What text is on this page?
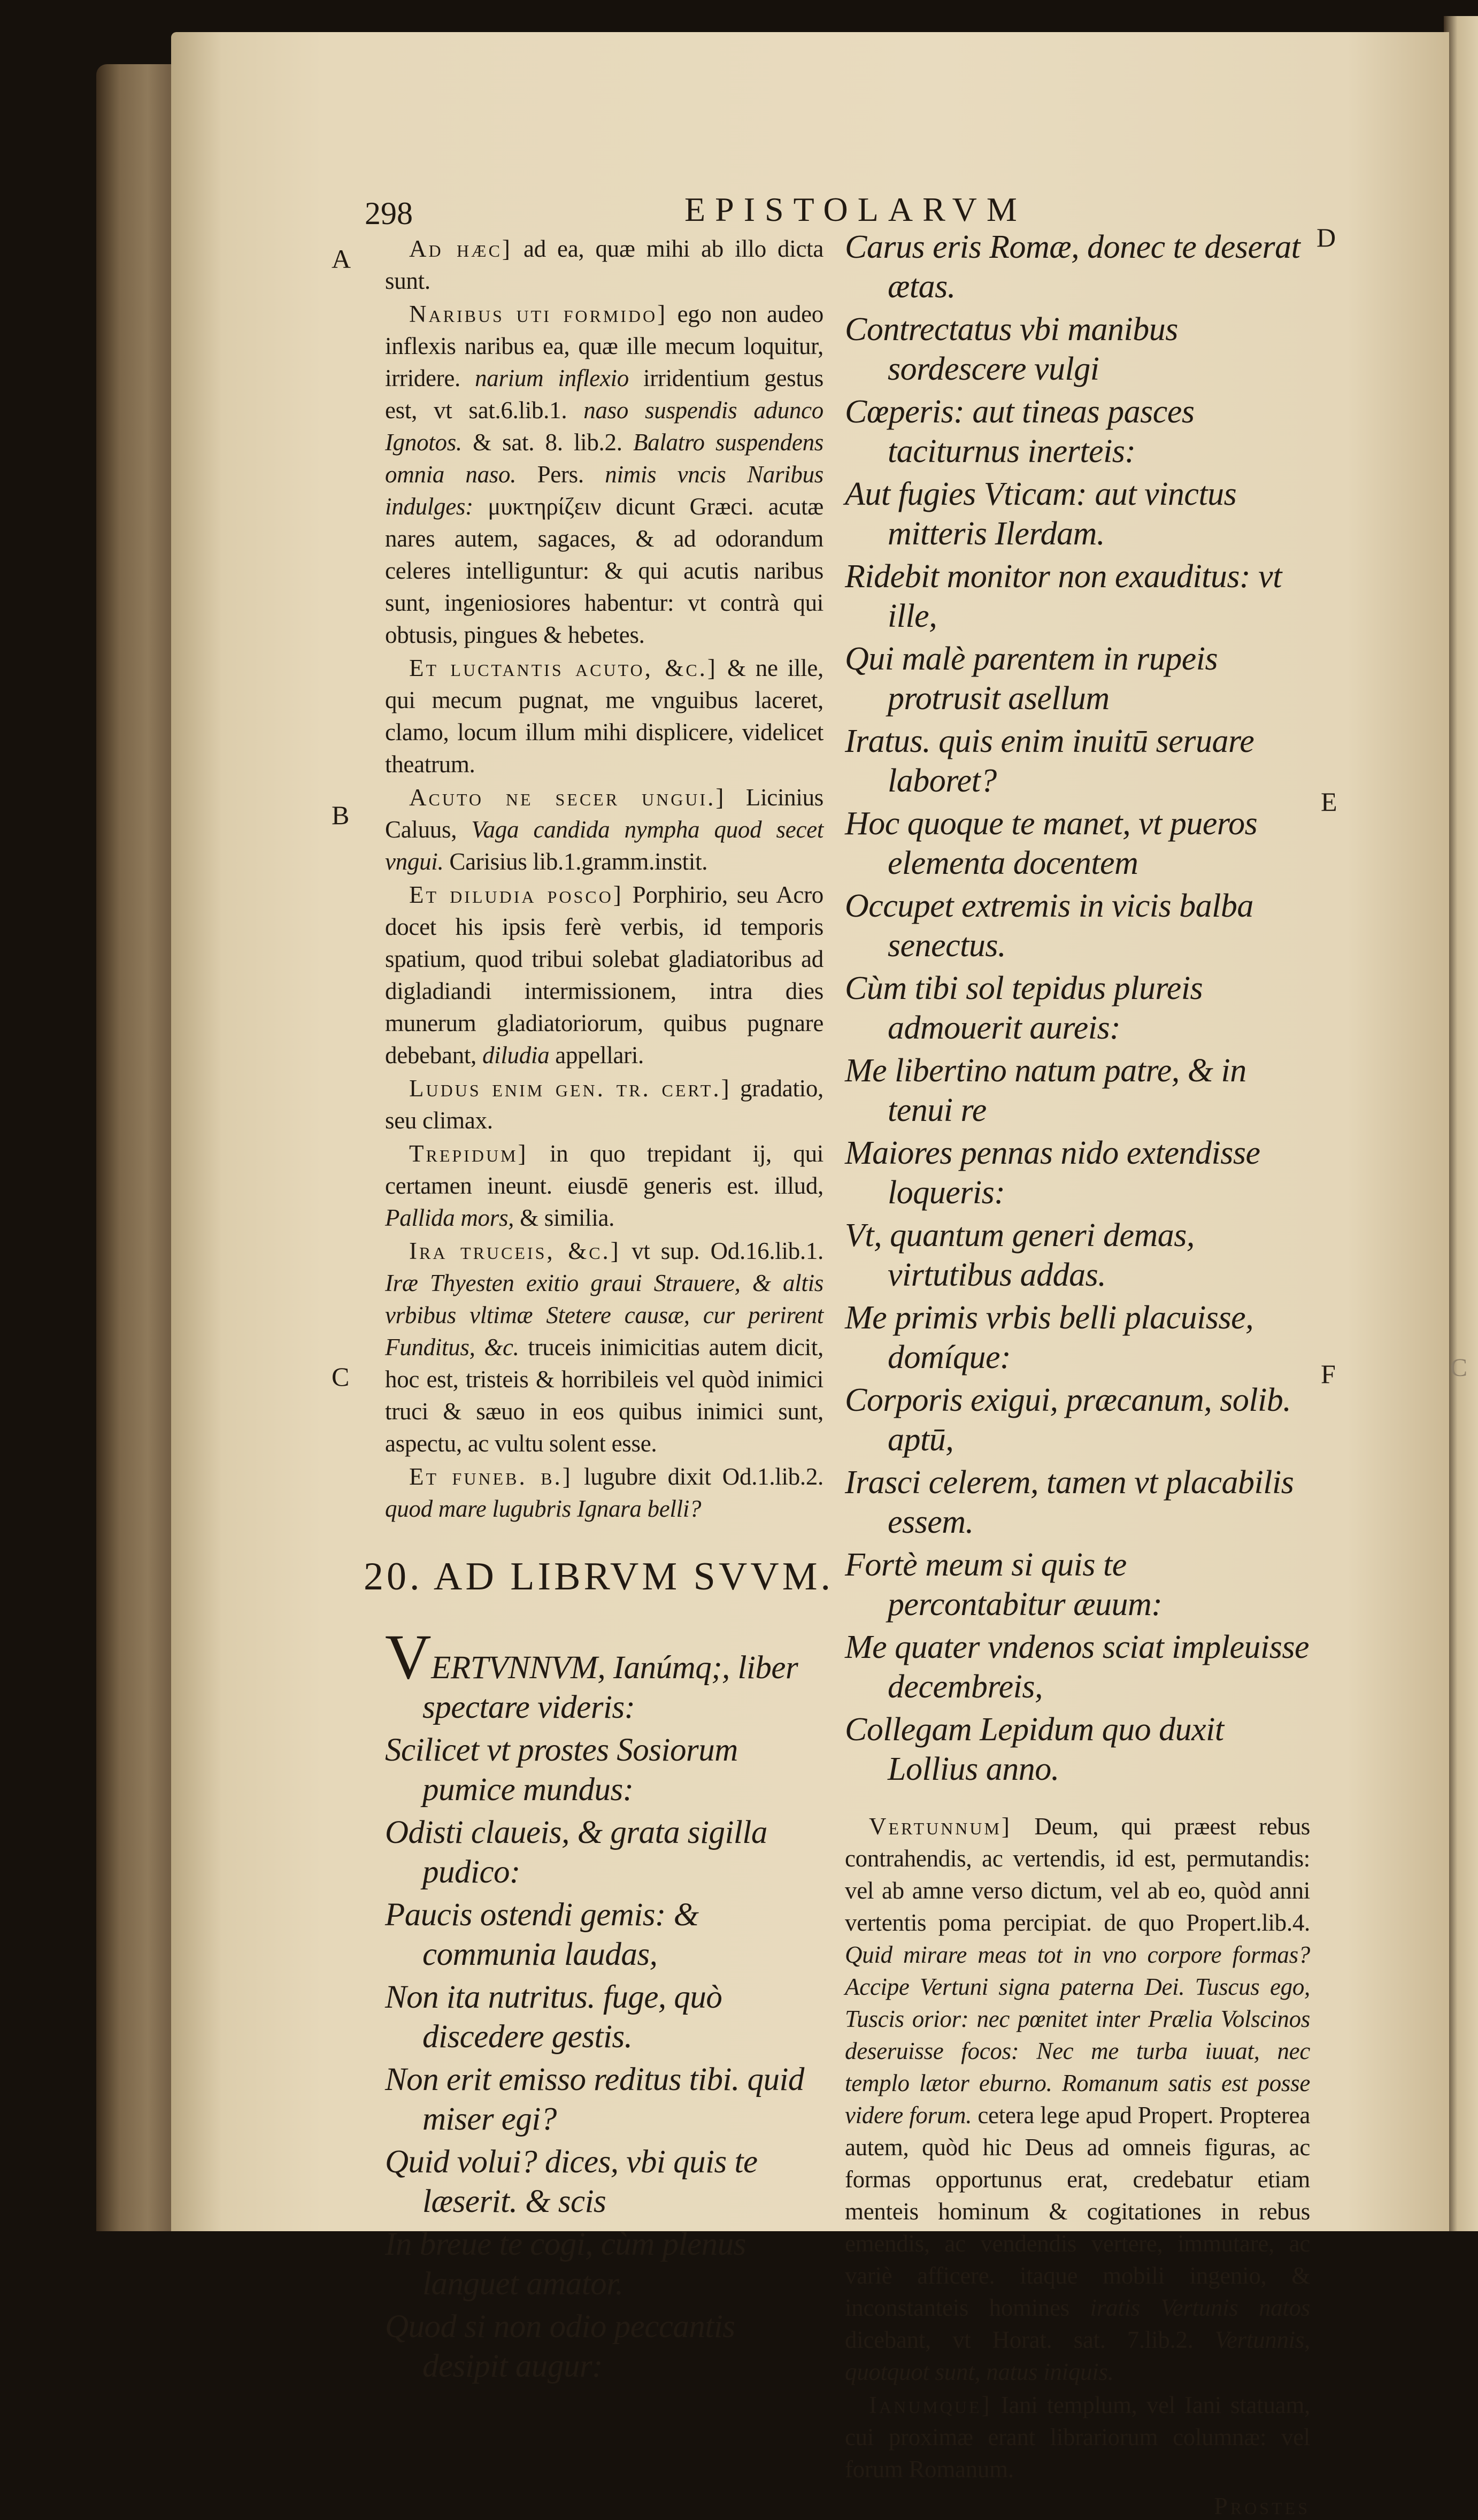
C
298	EPISTOLARVM
A
B
C
D
E
F

Ad hæc] ad ea, quæ mihi ab illo dicta sunt.

Naribus uti formido] ego non audeo inflexis naribus ea, quæ ille mecum loquitur, irridere. narium inflexio irridentium gestus est, vt sat.6.lib.1. naso suspendis adunco Ignotos. & sat. 8. lib.2. Balatro suspendens omnia naso. Pers. nimis vncis Naribus indulges: μυκτηρίζειν dicunt Græci. acutæ nares autem, sagaces, & ad odorandum celeres intelliguntur: & qui acutis naribus sunt, ingeniosiores habentur: vt contrà qui obtusis, pingues & hebetes.

Et luctantis acuto, &c.] & ne ille, qui mecum pugnat, me vnguibus laceret, clamo, locum illum mihi displicere, videlicet theatrum.

Acuto ne secer ungui.] Licinius Caluus, Vaga candida nympha quod secet vngui. Carisius lib.1.gramm.instit.

Et diludia posco] Porphirio, seu Acro docet his ipsis ferè verbis, id temporis spatium, quod tribui solebat gladiatoribus ad digladiandi intermissionem, intra dies munerum gladiatoriorum, quibus pugnare debebant, diludia appellari.

Ludus enim gen. tr. cert.] gradatio, seu climax.

Trepidum] in quo trepidant ij, qui certamen ineunt. eiusdē generis est. illud, Pallida mors, & similia.

Ira truceis, &c.] vt sup. Od.16.lib.1. Iræ Thyesten exitio graui Strauere, & altis vrbibus vltimæ Stetere causæ, cur perirent Funditus, &c. truceis inimicitias autem dicit, hoc est, tristeis & horribileis vel quòd inimici truci & sæuo in eos quibus inimici sunt, aspectu, ac vultu solent esse.

Et funeb. b.] lugubre dixit Od.1.lib.2. quod mare lugubris Ignara belli?

20. AD LIBRVM SVVM.

VERTVNNVM, Ianúmq;, liber spectare videris:

Scilicet vt prostes Sosiorum pumice mundus:

Odisti claueis, & grata sigilla pudico:

Paucis ostendi gemis: & communia laudas,

Non ita nutritus. fuge, quò discedere gestis.

Non erit emisso reditus tibi. quid miser egi?

Quid volui? dices, vbi quis te læserit. & scis

In breue te cogi, cùm plenus languet amator.

Quod si non odio peccantis desipit augur:

Carus eris Romæ, donec te deserat ætas.

Contrectatus vbi manibus sordescere vulgi

Cœperis: aut tineas pasces taciturnus inerteis:

Aut fugies Vticam: aut vinctus mitteris Ilerdam.

Ridebit monitor non exauditus: vt ille,

Qui malè parentem in rupeis protrusit asellum

Iratus. quis enim inuitū seruare laboret?

Hoc quoque te manet, vt pueros elementa docentem

Occupet extremis in vicis balba senectus.

Cùm tibi sol tepidus plureis admouerit aureis:

Me libertino natum patre, & in tenui re

Maiores pennas nido extendisse loqueris:

Vt, quantum generi demas, virtutibus addas.

Me primis vrbis belli placuisse, domíque:

Corporis exigui, præcanum, solib. aptū,

Irasci celerem, tamen vt placabilis essem.

Fortè meum si quis te percontabitur æuum:

Me quater vndenos sciat impleuisse decembreis,

Collegam Lepidum quo duxit Lollius anno.

Vertunnum] Deum, qui præest rebus contrahendis, ac vertendis, id est, permutandis: vel ab amne verso dictum, vel ab eo, quòd anni vertentis poma percipiat. de quo Propert.lib.4. Quid mirare meas tot in vno corpore formas? Accipe Vertuni signa paterna Dei. Tuscus ego, Tuscis orior: nec pœnitet inter Prælia Volscinos deseruisse focos: Nec me turba iuuat, nec templo lætor eburno. Romanum satis est posse videre forum. cetera lege apud Propert. Propterea autem, quòd hic Deus ad omneis figuras, ac formas opportunus erat, credebatur etiam menteis hominum & cogitationes in rebus emendis, ac vendendis vertere, immutare, ac variè afficere. itaque mobili ingenio, & inconstanteis homines iratis Vertunis natos dicebant, vt Horat. sat. 7.lib.2. Vertunnis, quotquot sunt, natus iniquis.

Ianumque] Iani templum, vel Iani statuam, cui proximæ erant librariorum columnæ: vel forum Romanum.

Prostes
